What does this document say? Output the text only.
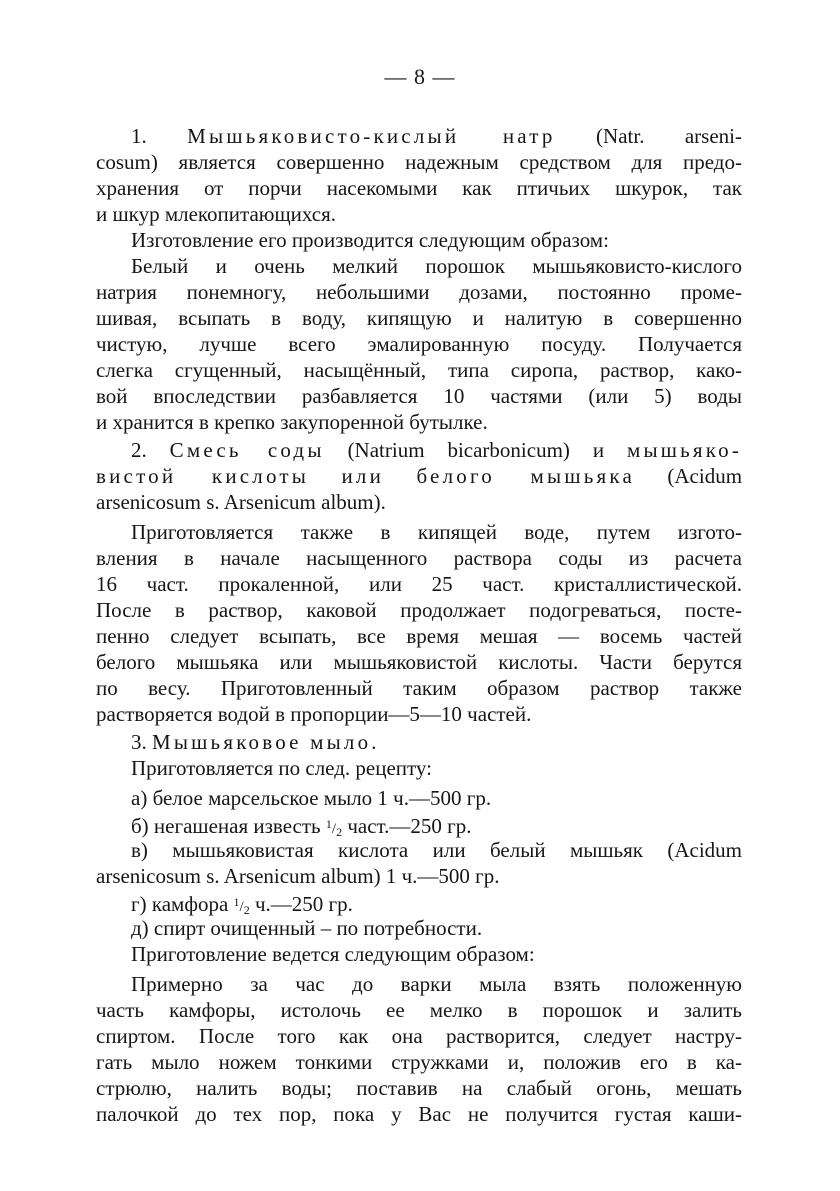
— 8 —
1. Мышьяковисто-кислый натр (Natr. arseni-
cosum) является совершенно надежным средством для предо-
хранения от порчи насекомыми как птичьих шкурок, так
и шкур млекопитающихся.
Изготовление его производится следующим образом:
Белый и очень мелкий порошок мышьяковисто-кислого
натрия понемногу, небольшими дозами, постоянно проме-
шивая, всыпать в воду, кипящую и налитую в совершенно
чистую, лучше всего эмалированную посуду. Получается
слегка сгущенный, насыщённый, типа сиропа, раствор, како-
вой впоследствии разбавляется 10 частями (или 5) воды
и хранится в крепко закупоренной бутылке.
2. Смесь соды (Natrium bicarbonicum) и мышьяко-
вистой кислоты или белого мышьяка (Acidum
arsenicosum s. Arsenicum album).
Приготовляется также в кипящей воде, путем изгото-
вления в начале насыщенного раствора соды из расчета
16 част. прокаленной, или 25 част. кристаллистической.
После в раствор, каковой продолжает подогреваться, посте-
пенно следует всыпать, все время мешая — восемь частей
белого мышьяка или мышьяковистой кислоты. Части берутся
по весу. Приготовленный таким образом раствор также
растворяется водой в пропорции—5—10 частей.
3. Мышьяковое мыло.
Приготовляется по след. рецепту:
а) белое марсельское мыло 1 ч.—500 гр.
б) негашеная известь $^1/_2$ част.—250 гр.
в) мышьяковистая кислота или белый мышьяк (Acidum
arsenicosum s. Arsenicum album) 1 ч.—500 гр.
г) камфора $^1/_2$ ч.—250 гр.
д) спирт очищенный – по потребности.
Приготовление ведется следующим образом:
Примерно за час до варки мыла взять положенную
часть камфоры, истолочь ее мелко в порошок и залить
спиртом. После того как она растворится, следует настру-
гать мыло ножем тонкими стружками и, положив его в ка-
стрюлю, налить воды; поставив на слабый огонь, мешать
палочкой до тех пор, пока у Вас не получится густая каши-
